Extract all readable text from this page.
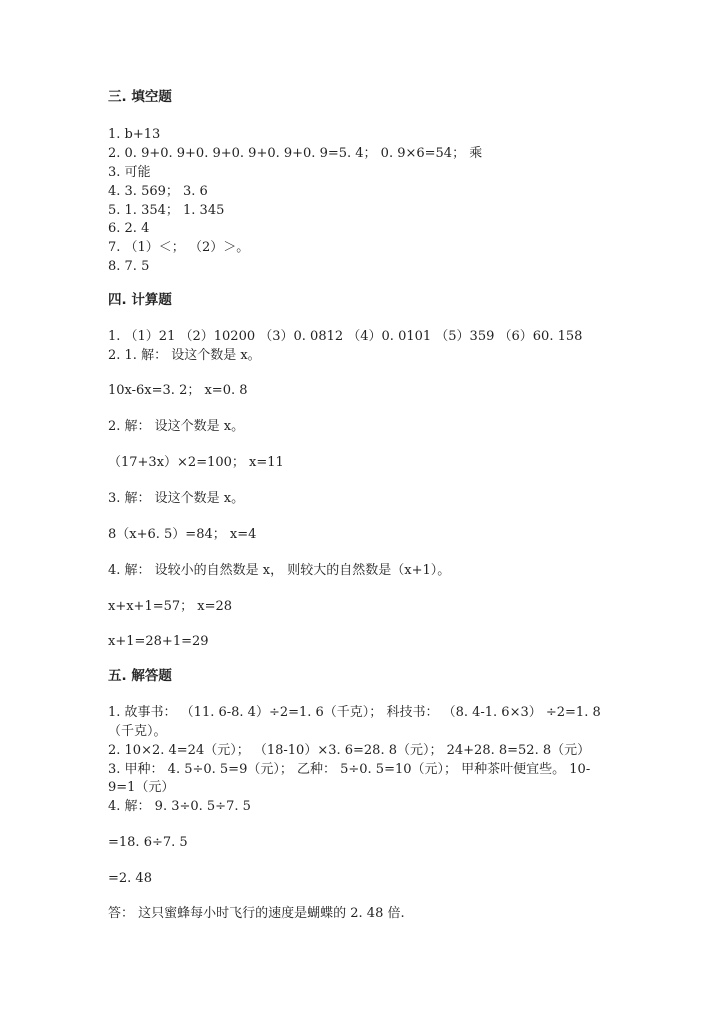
三. 填空题
1. b+13
2. 0. 9+0. 9+0. 9+0. 9+0. 9+0. 9=5. 4； 0. 9×6=54； 乘
3. 可能
4. 3. 569； 3. 6
5. 1. 354； 1. 345
6. 2. 4
7. （1）＜； （2）＞。
8. 7. 5
四. 计算题
1. （1）21 （2）10200 （3）0. 0812 （4）0. 0101 （5）359 （6）60. 158
2. 1. 解： 设这个数是 x。
10x-6x=3. 2； x=0. 8
2. 解： 设这个数是 x。
（17+3x）×2=100； x=11
3. 解： 设这个数是 x。
8（x+6. 5）=84； x=4
4. 解： 设较小的自然数是 x， 则较大的自然数是（x+1）。
x+x+1=57； x=28
x+1=28+1=29
五. 解答题
1. 故事书： （11. 6-8. 4）÷2=1. 6（千克）； 科技书： （8. 4-1. 6×3） ÷2=1. 8
（千克）。
2. 10×2. 4=24（元）； （18-10）×3. 6=28. 8（元）； 24+28. 8=52. 8（元）
3. 甲种： 4. 5÷0. 5=9（元）； 乙种： 5÷0. 5=10（元）； 甲种茶叶便宜些。 10-
9=1（元）
4. 解： 9. 3÷0. 5÷7. 5
=18. 6÷7. 5
=2. 48
答： 这只蜜蜂每小时飞行的速度是蝴蝶的 2. 48 倍.
